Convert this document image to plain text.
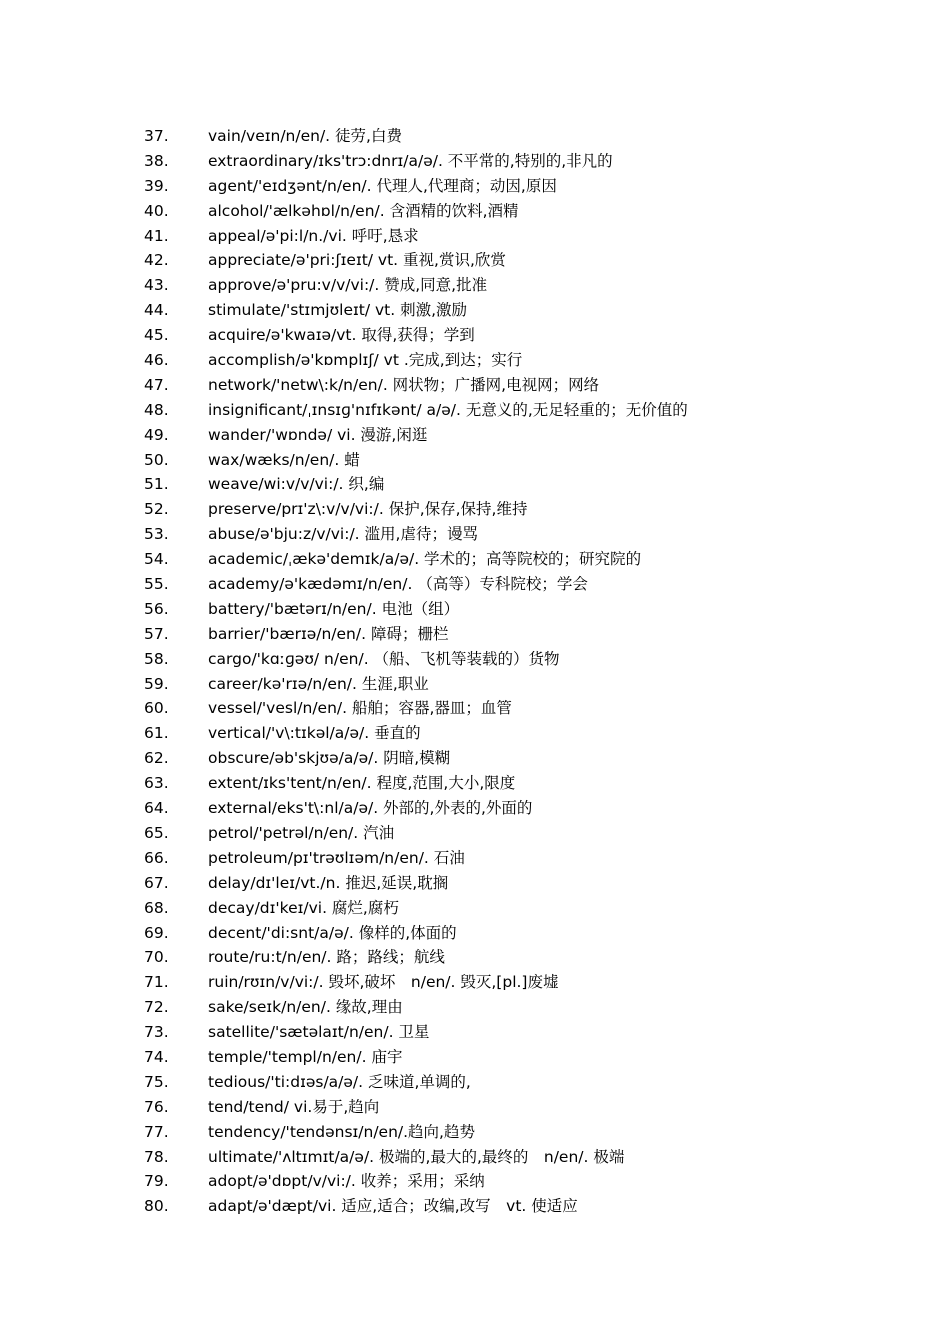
37.	vain/veɪn/n/en/. 徒劳,白费
38.	extraordinary/ɪks'trɔ:dnrɪ/a/ə/. 不平常的,特别的,非凡的
39.	agent/'eɪdʒənt/n/en/. 代理人,代理商；动因,原因
40.	alcohol/'ælkəhɒl/n/en/. 含酒精的饮料,酒精
41.	appeal/ə'pi:l/n./vi. 呼吁,恳求
42.	appreciate/ə'pri:ʃɪeɪt/ vt. 重视,赏识,欣赏
43.	approve/ə'pru:v/v/vi:/. 赞成,同意,批准
44.	stimulate/'stɪmjʊleɪt/ vt. 刺激,激励
45.	acquire/ə'kwaɪə/vt. 取得,获得；学到
46.	accomplish/ə'kɒmplɪʃ/ vt .完成,到达；实行
47.	network/'netw\:k/n/en/. 网状物；广播网,电视网；网络
48.	insignificant/ˌɪnsɪɡ'nɪfɪkənt/ a/ə/. 无意义的,无足轻重的；无价值的
49.	wander/'wɒndə/ vi. 漫游,闲逛
50.	wax/wæks/n/en/. 蜡
51.	weave/wi:v/v/vi:/. 织,编
52.	preserve/prɪ'z\:v/v/vi:/. 保护,保存,保持,维持
53.	abuse/ə'bju:z/v/vi:/. 滥用,虐待；谩骂
54.	academic/ˌækə'demɪk/a/ə/. 学术的；高等院校的；研究院的
55.	academy/ə'kædəmɪ/n/en/. （高等）专科院校；学会
56.	battery/'bætərɪ/n/en/. 电池（组）
57.	barrier/'bærɪə/n/en/. 障碍；栅栏
58.	cargo/'kɑːɡəʊ/ n/en/. （船、飞机等装载的）货物
59.	career/kə'rɪə/n/en/. 生涯,职业
60.	vessel/'vesl/n/en/. 船舶；容器,器皿；血管
61.	vertical/'v\:tɪkəl/a/ə/. 垂直的
62.	obscure/əb'skjʊə/a/ə/. 阴暗,模糊
63.	extent/ɪks'tent/n/en/. 程度,范围,大小,限度
64.	external/eks't\:nl/a/ə/. 外部的,外表的,外面的
65.	petrol/'petrəl/n/en/. 汽油
66.	petroleum/pɪ'trəʊlɪəm/n/en/. 石油
67.	delay/dɪ'leɪ/vt./n. 推迟,延误,耽搁
68.	decay/dɪ'keɪ/vi. 腐烂,腐朽
69.	decent/'di:snt/a/ə/. 像样的,体面的
70.	route/ru:t/n/en/. 路；路线；航线
71.	ruin/rʊɪn/v/vi:/. 毁坏,破坏　n/en/. 毁灭,[pl.]废墟
72.	sake/seɪk/n/en/. 缘故,理由
73.	satellite/'sætəlaɪt/n/en/. 卫星
74.	temple/'templ/n/en/. 庙宇
75.	tedious/'ti:dɪəs/a/ə/. 乏味道,单调的,
76.	tend/tend/ vi.易于,趋向
77.	tendency/'tendənsɪ/n/en/.趋向,趋势
78.	ultimate/'ʌltɪmɪt/a/ə/. 极端的,最大的,最终的　n/en/. 极端
79.	adopt/ə'dɒpt/v/vi:/. 收养；采用；采纳
80.	adapt/ə'dæpt/vi. 适应,适合；改编,改写　vt. 使适应
